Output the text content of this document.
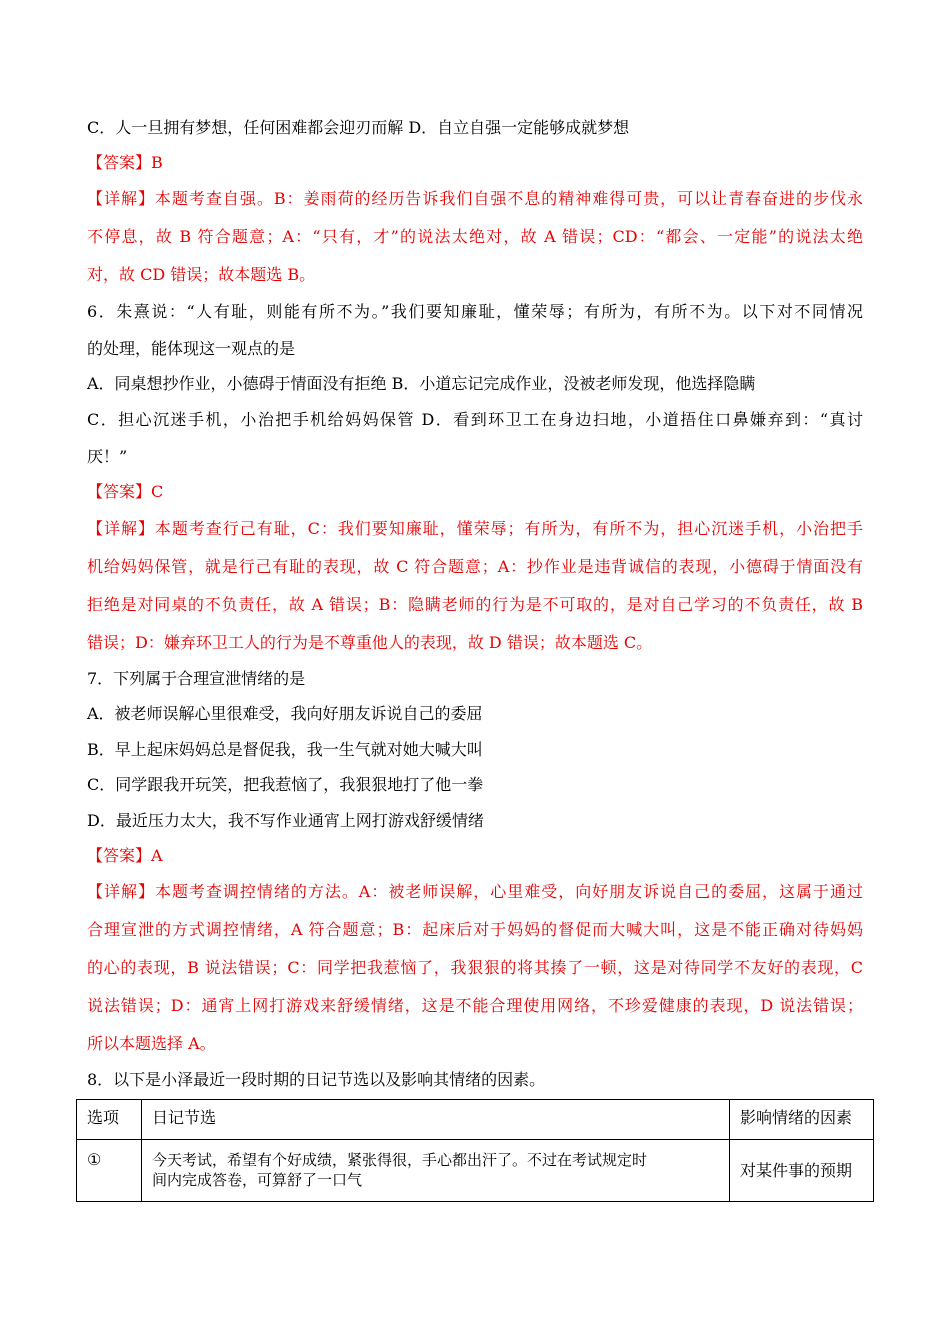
C．人一旦拥有梦想，任何困难都会迎刃而解 D．自立自强一定能够成就梦想
【答案】B
【详解】本题考查自强。B：姜雨荷的经历告诉我们自强不息的精神难得可贵，可以让青春奋进的步伐永
不停息，故 B 符合题意；A：“只有，才”的说法太绝对，故 A 错误；CD：“都会、一定能”的说法太绝
对，故 CD 错误；故本题选 B。
6．朱熹说：“人有耻，则能有所不为。”我们要知廉耻，懂荣辱；有所为，有所不为。以下对不同情况
的处理，能体现这一观点的是
A．同桌想抄作业，小德碍于情面没有拒绝 B．小道忘记完成作业，没被老师发现，他选择隐瞒
C．担心沉迷手机，小治把手机给妈妈保管 D．看到环卫工在身边扫地，小道捂住口鼻嫌弃到：“真讨
厌！”
【答案】C
【详解】本题考查行己有耻，C：我们要知廉耻，懂荣辱；有所为，有所不为，担心沉迷手机，小治把手
机给妈妈保管，就是行己有耻的表现，故 C 符合题意；A：抄作业是违背诚信的表现，小德碍于情面没有
拒绝是对同桌的不负责任，故 A 错误；B：隐瞒老师的行为是不可取的，是对自己学习的不负责任，故 B
错误；D：嫌弃环卫工人的行为是不尊重他人的表现，故 D 错误；故本题选 C。
7．下列属于合理宣泄情绪的是
A．被老师误解心里很难受，我向好朋友诉说自己的委屈
B．早上起床妈妈总是督促我，我一生气就对她大喊大叫
C．同学跟我开玩笑，把我惹恼了，我狠狠地打了他一拳
D．最近压力太大，我不写作业通宵上网打游戏舒缓情绪
【答案】A
【详解】本题考查调控情绪的方法。A：被老师误解，心里难受，向好朋友诉说自己的委屈，这属于通过
合理宣泄的方式调控情绪，A 符合题意；B：起床后对于妈妈的督促而大喊大叫，这是不能正确对待妈妈
的心的表现，B 说法错误；C：同学把我惹恼了，我狠狠的将其揍了一顿，这是对待同学不友好的表现，C
说法错误；D：通宵上网打游戏来舒缓情绪，这是不能合理使用网络，不珍爱健康的表现，D 说法错误；
所以本题选择 A。
8．以下是小泽最近一段时期的日记节选以及影响其情绪的因素。
选项	日记节选	影响情绪的因素
①	今天考试，希望有个好成绩，紧张得很，手心都出汗了。不过在考试规定时
间内完成答卷，可算舒了一口气	对某件事的预期
